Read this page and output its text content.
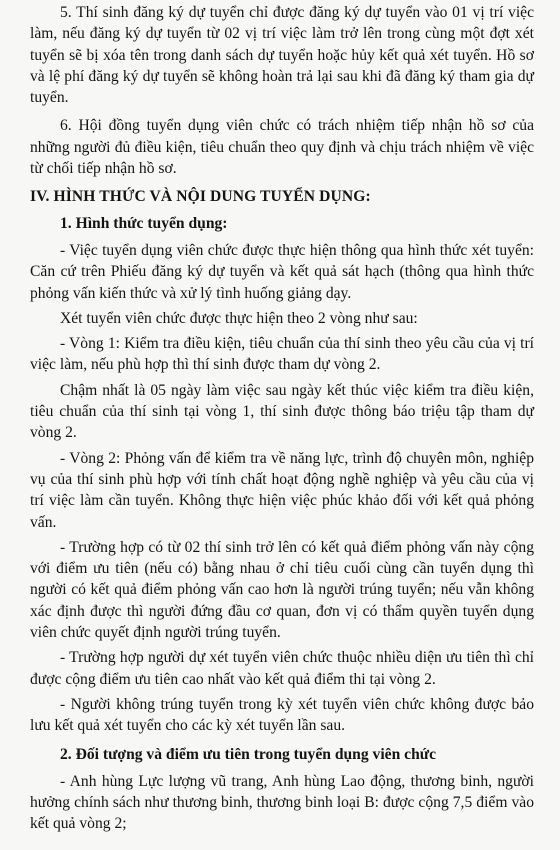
5. Thí sinh đăng ký dự tuyển chỉ được đăng ký dự tuyển vào 01 vị trí việc làm, nếu đăng ký dự tuyển từ 02 vị trí việc làm trở lên trong cùng một đợt xét tuyển sẽ bị xóa tên trong danh sách dự tuyển hoặc hủy kết quả xét tuyển. Hồ sơ và lệ phí đăng ký dự tuyển sẽ không hoàn trả lại sau khi đã đăng ký tham gia dự tuyển.

6. Hội đồng tuyển dụng viên chức có trách nhiệm tiếp nhận hồ sơ của những người đủ điều kiện, tiêu chuẩn theo quy định và chịu trách nhiệm về việc từ chối tiếp nhận hồ sơ.

IV. HÌNH THỨC VÀ NỘI DUNG TUYỂN DỤNG:

1. Hình thức tuyển dụng:

- Việc tuyển dụng viên chức được thực hiện thông qua hình thức xét tuyển: Căn cứ trên Phiếu đăng ký dự tuyển và kết quả sát hạch (thông qua hình thức phỏng vấn kiến thức và xử lý tình huống giảng dạy.

Xét tuyển viên chức được thực hiện theo 2 vòng như sau:

- Vòng 1: Kiểm tra điều kiện, tiêu chuẩn của thí sinh theo yêu cầu của vị trí việc làm, nếu phù hợp thì thí sinh được tham dự vòng 2.

Chậm nhất là 05 ngày làm việc sau ngày kết thúc việc kiểm tra điều kiện, tiêu chuẩn của thí sinh tại vòng 1, thí sinh được thông báo triệu tập tham dự vòng 2.

- Vòng 2: Phỏng vấn để kiểm tra về năng lực, trình độ chuyên môn, nghiệp vụ của thí sinh phù hợp với tính chất hoạt động nghề nghiệp và yêu cầu của vị trí việc làm cần tuyển. Không thực hiện việc phúc khảo đối với kết quả phỏng vấn.

- Trường hợp có từ 02 thí sinh trở lên có kết quả điểm phỏng vấn này cộng với điểm ưu tiên (nếu có) bằng nhau ở chỉ tiêu cuối cùng cần tuyển dụng thì người có kết quả điểm phỏng vấn cao hơn là người trúng tuyển; nếu vẫn không xác định được thì người đứng đầu cơ quan, đơn vị có thẩm quyền tuyển dụng viên chức quyết định người trúng tuyển.

- Trường hợp người dự xét tuyển viên chức thuộc nhiều diện ưu tiên thì chỉ được cộng điểm ưu tiên cao nhất vào kết quả điểm thi tại vòng 2.

- Người không trúng tuyển trong kỳ xét tuyển viên chức không được bảo lưu kết quả xét tuyển cho các kỳ xét tuyển lần sau.

2. Đối tượng và điểm ưu tiên trong tuyển dụng viên chức

- Anh hùng Lực lượng vũ trang, Anh hùng Lao động, thương binh, người hưởng chính sách như thương binh, thương binh loại B: được cộng 7,5 điểm vào kết quả vòng 2;
